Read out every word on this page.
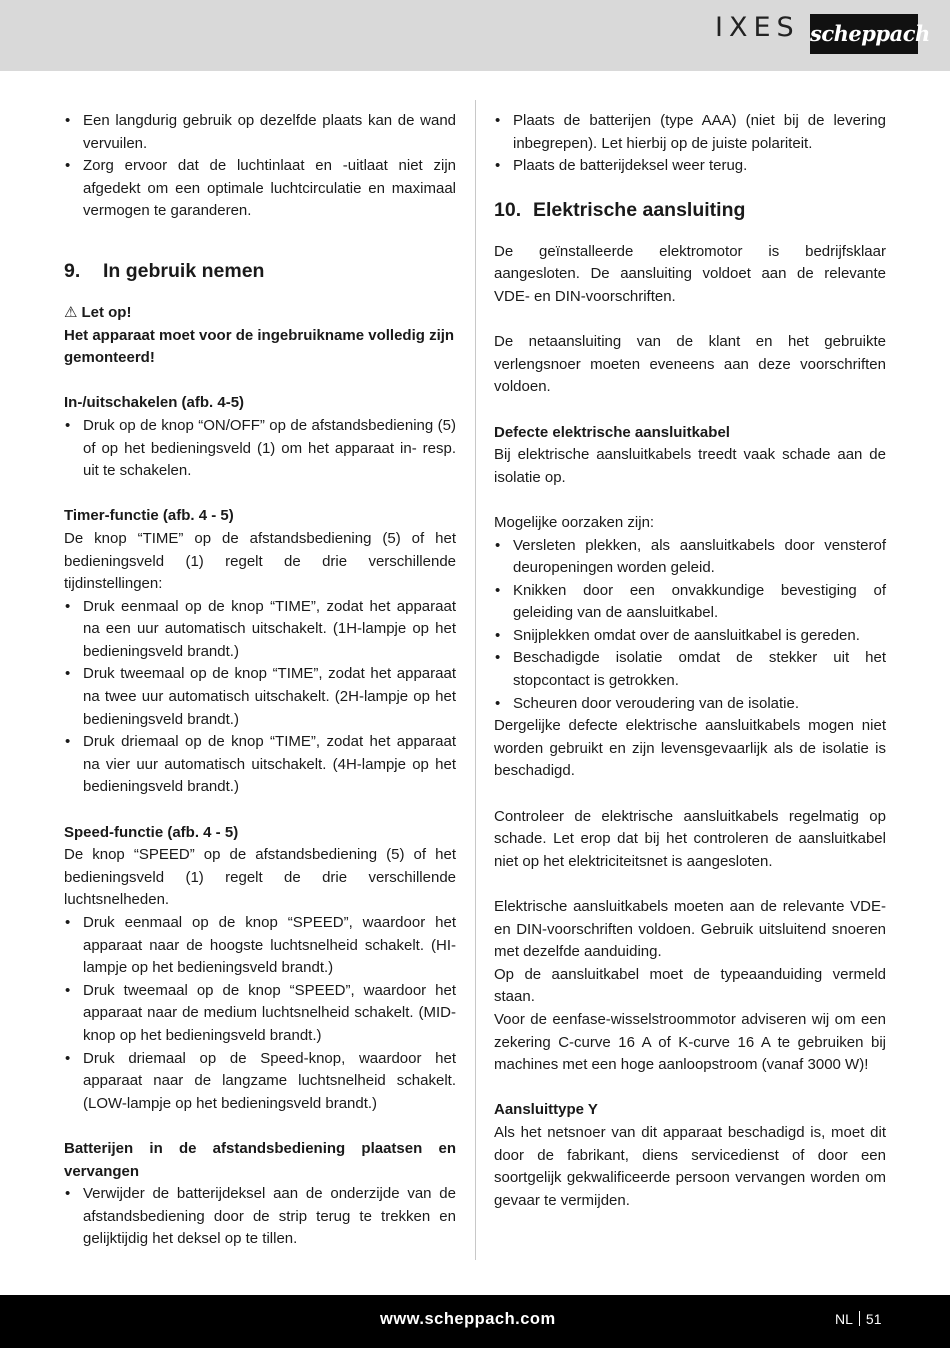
IXES scheppach
• Een langdurig gebruik op dezelfde plaats kan de wand vervuilen.
• Zorg ervoor dat de luchtinlaat en -uitlaat niet zijn afgedekt om een optimale luchtcirculatie en maximaal vermogen te garanderen.
9.	In gebruik nemen

⚠ Let op!

Het apparaat moet voor de ingebruikname volledig zijn gemonteerd!

In-/uitschakelen (afb. 4-5)

• Druk op de knop “ON/OFF” op de afstandsbediening (5) of op het bedieningsveld (1) om het apparaat in- resp. uit te schakelen.

Timer-functie (afb. 4 - 5)

De knop “TIME” op de afstandsbediening (5) of het bedieningsveld (1) regelt de drie verschillende tijdinstellingen:

• Druk eenmaal op de knop “TIME”, zodat het apparaat na een uur automatisch uitschakelt. (1H-lampje op het bedieningsveld brandt.)
• Druk tweemaal op de knop “TIME”, zodat het apparaat na twee uur automatisch uitschakelt. (2H-lampje op het bedieningsveld brandt.)
• Druk driemaal op de knop “TIME”, zodat het apparaat na vier uur automatisch uitschakelt. (4H-lampje op het bedieningsveld brandt.)

Speed-functie (afb. 4 - 5)

De knop “SPEED” op de afstandsbediening (5) of het bedieningsveld (1) regelt de drie verschillende luchtsnelheden.

• Druk eenmaal op de knop “SPEED”, waardoor het apparaat naar de hoogste luchtsnelheid schakelt. (HI-lampje op het bedieningsveld brandt.)
• Druk tweemaal op de knop “SPEED”, waardoor het apparaat naar de medium luchtsnelheid schakelt. (MID-knop op het bedieningsveld brandt.)
• Druk driemaal op de Speed-knop, waardoor het apparaat naar de langzame luchtsnelheid schakelt. (LOW-lampje op het bedieningsveld brandt.)

Batterijen in de afstandsbediening plaatsen en vervangen

• Verwijder de batterijdeksel aan de onderzijde van de afstandsbediening door de strip terug te trekken en gelijktijdig het deksel op te tillen.
• Plaats de batterijen (type AAA) (niet bij de levering inbegrepen). Let hierbij op de juiste polariteit.
• Plaats de batterijdeksel weer terug.
10. Elektrische aansluiting

De geïnstalleerde elektromotor is bedrijfsklaar aangesloten. De aansluiting voldoet aan de relevante VDE- en DIN-voorschriften.

De netaansluiting van de klant en het gebruikte verlengsnoer moeten eveneens aan deze voorschriften voldoen.

Defecte elektrische aansluitkabel

Bij elektrische aansluitkabels treedt vaak schade aan de isolatie op.

Mogelijke oorzaken zijn:

• Versleten plekken, als aansluitkabels door vensterof deuropeningen worden geleid.
• Knikken door een onvakkundige bevestiging of geleiding van de aansluitkabel.
• Snijplekken omdat over de aansluitkabel is gereden.
• Beschadigde isolatie omdat de stekker uit het stopcontact is getrokken.
• Scheuren door veroudering van de isolatie.

Dergelijke defecte elektrische aansluitkabels mogen niet worden gebruikt en zijn levensgevaarlijk als de isolatie is beschadigd.

Controleer de elektrische aansluitkabels regelmatig op schade. Let erop dat bij het controleren de aansluitkabel niet op het elektriciteitsnet is aangesloten.

Elektrische aansluitkabels moeten aan de relevante VDE- en DIN-voorschriften voldoen. Gebruik uitsluitend snoeren met dezelfde aanduiding.

Op de aansluitkabel moet de typeaanduiding vermeld staan.

Voor de eenfase-wisselstroommotor adviseren wij om een zekering C-curve 16 A of K-curve 16 A te gebruiken bij machines met een hoge aanloopstroom (vanaf 3000 W)!

Aansluittype Y

Als het netsnoer van dit apparaat beschadigd is, moet dit door de fabrikant, diens servicedienst of door een soortgelijk gekwalificeerde persoon vervangen worden om gevaar te vermijden.

www.scheppach.com	NL 51
